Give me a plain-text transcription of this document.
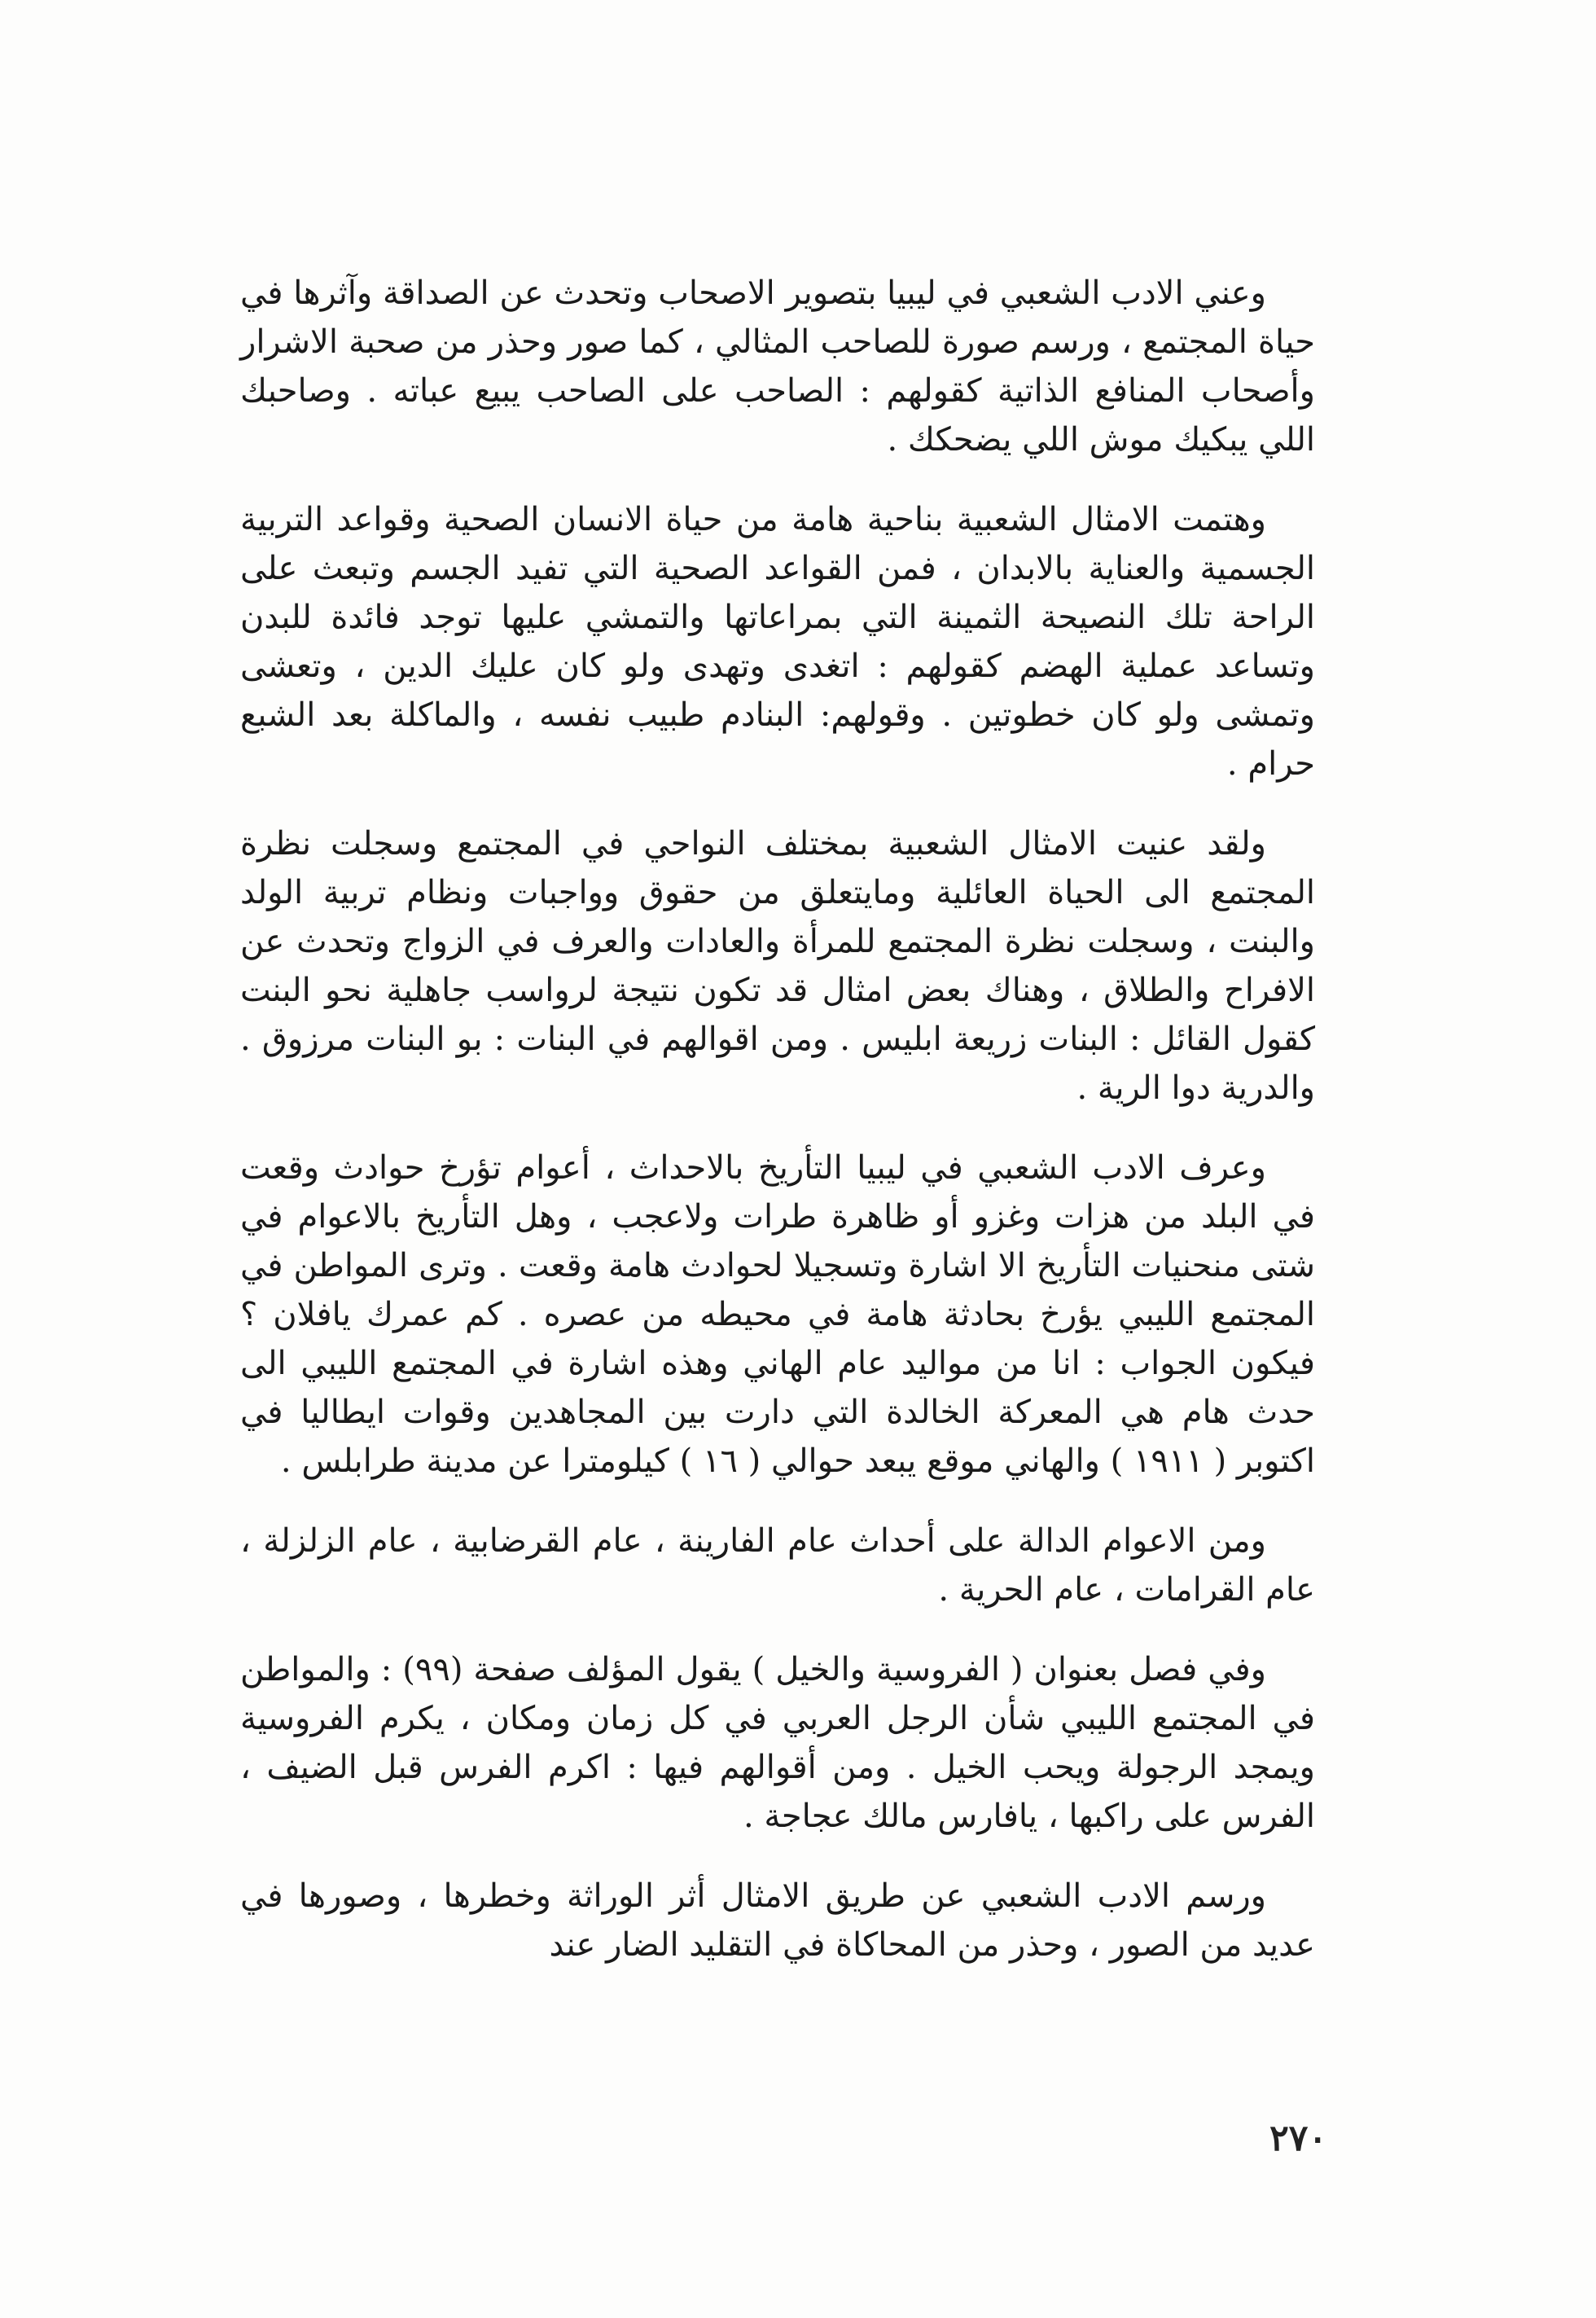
وعني الادب الشعبي في ليبيا بتصوير الاصحاب وتحدث عن الصداقة وآثرها في حياة المجتمع ، ورسم صورة للصاحب المثالي ، كما صور وحذر من صحبة الاشرار وأصحاب المنافع الذاتية كقولهم : الصاحب على الصاحب يبيع عباته . وصاحبك اللي يبكيك موش اللي يضحكك .

وهتمت الامثال الشعبية بناحية هامة من حياة الانسان الصحية وقواعد التربية الجسمية والعناية بالابدان ، فمن القواعد الصحية التي تفيد الجسم وتبعث على الراحة تلك النصيحة الثمينة التي بمراعاتها والتمشي عليها توجد فائدة للبدن وتساعد عملية الهضم كقولهم : اتغدى وتهدى ولو كان عليك الدين ، وتعشى وتمشى ولو كان خطوتين . وقولهم: البنادم طبيب نفسه ، والماكلة بعد الشبع حرام .

ولقد عنيت الامثال الشعبية بمختلف النواحي في المجتمع وسجلت نظرة المجتمع الى الحياة العائلية ومايتعلق من حقوق وواجبات ونظام تربية الولد والبنت ، وسجلت نظرة المجتمع للمرأة والعادات والعرف في الزواج وتحدث عن الافراح والطلاق ، وهناك بعض امثال قد تكون نتيجة لرواسب جاهلية نحو البنت كقول القائل : البنات زريعة ابليس . ومن اقوالهم في البنات : بو البنات مرزوق . والدرية دوا الرية .

وعرف الادب الشعبي في ليبيا التأريخ بالاحداث ، أعوام تؤرخ حوادث وقعت في البلد من هزات وغزو أو ظاهرة طرات ولاعجب ، وهل التأريخ بالاعوام في شتى منحنيات التأريخ الا اشارة وتسجيلا لحوادث هامة وقعت . وترى المواطن في المجتمع الليبي يؤرخ بحادثة هامة في محيطه من عصره . كم عمرك يافلان ؟ فيكون الجواب : انا من مواليد عام الهاني وهذه اشارة في المجتمع الليبي الى حدث هام هي المعركة الخالدة التي دارت بين المجاهدين وقوات ايطاليا في اكتوبر ( ١٩١١ ) والهاني موقع يبعد حوالي ( ١٦ ) كيلومترا عن مدينة طرابلس .

ومن الاعوام الدالة على أحداث عام الفارينة ، عام القرضابية ، عام الزلزلة ، عام القرامات ، عام الحرية .

وفي فصل بعنوان ( الفروسية والخيل ) يقول المؤلف صفحة (٩٩) : والمواطن في المجتمع الليبي شأن الرجل العربي في كل زمان ومكان ، يكرم الفروسية ويمجد الرجولة ويحب الخيل . ومن أقوالهم فيها : اكرم الفرس قبل الضيف ، الفرس على راكبها ، يافارس مالك عجاجة .

ورسم الادب الشعبي عن طريق الامثال أثر الوراثة وخطرها ، وصورها في عديد من الصور ، وحذر من المحاكاة في التقليد الضار عند

٢٧٠
